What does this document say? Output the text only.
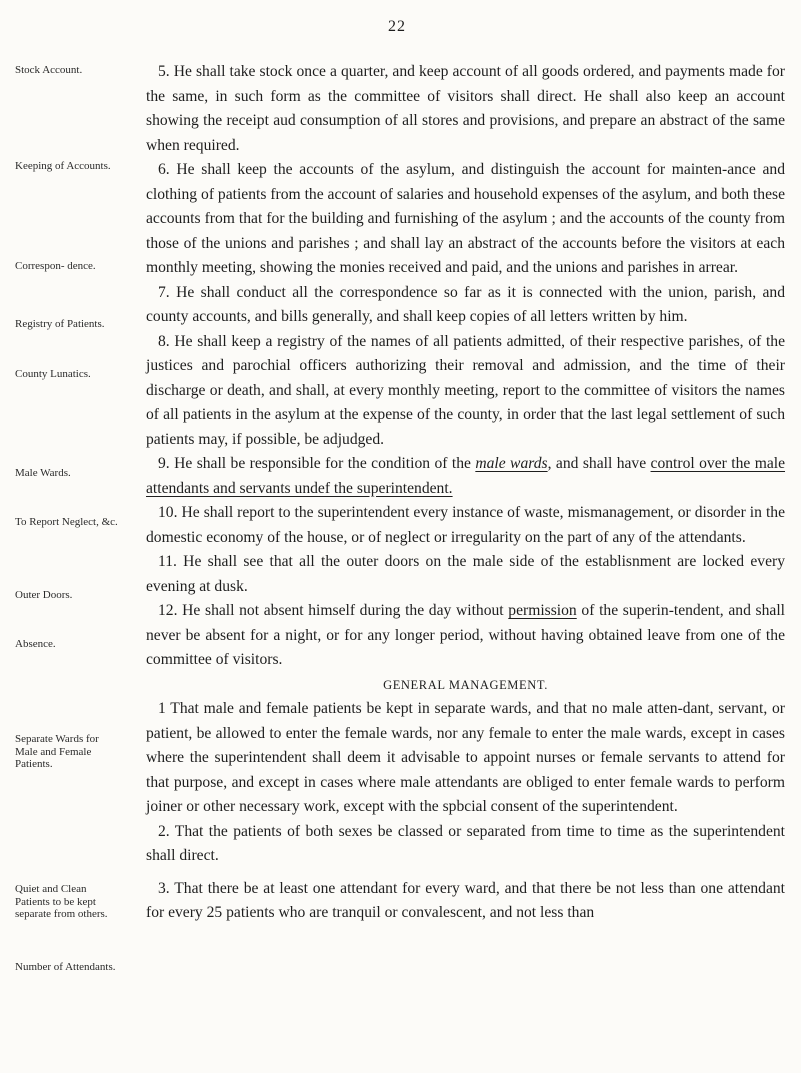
22
Stock Account.
Keeping of Accounts.
Correspon- dence.
Registry of Patients.
County Lunatics.
Male Wards.
To Report Neglect, &c.
Outer Doors.
Absence.
Separate Wards for Male and Female Patients.
Quiet and Clean Patients to be kept separate from others.
Number of Attendants.

5. He shall take stock once a quarter, and keep account of all goods ordered, and payments made for the same, in such form as the committee of visitors shall direct. He shall also keep an account showing the receipt aud consumption of all stores and provisions, and prepare an abstract of the same when required.

6. He shall keep the accounts of the asylum, and distinguish the account for mainten-ance and clothing of patients from the account of salaries and household expenses of the asylum, and both these accounts from that for the building and furnishing of the asylum ; and the accounts of the county from those of the unions and parishes ; and shall lay an abstract of the accounts before the visitors at each monthly meeting, showing the monies received and paid, and the unions and parishes in arrear.

7. He shall conduct all the correspondence so far as it is connected with the union, parish, and county accounts, and bills generally, and shall keep copies of all letters written by him.

8. He shall keep a registry of the names of all patients admitted, of their respective parishes, of the justices and parochial officers authorizing their removal and admission, and the time of their discharge or death, and shall, at every monthly meeting, report to the committee of visitors the names of all patients in the asylum at the expense of the county, in order that the last legal settlement of such patients may, if possible, be adjudged.

9. He shall be responsible for the condition of the male wards, and shall have control over the male attendants and servants undef the superintendent.

10. He shall report to the superintendent every instance of waste, mismanagement, or disorder in the domestic economy of the house, or of neglect or irregularity on the part of any of the attendants.

11. He shall see that all the outer doors on the male side of the establisnment are locked every evening at dusk.

12. He shall not absent himself during the day without permission of the superin-tendent, and shall never be absent for a night, or for any longer period, without having obtained leave from one of the committee of visitors.

GENERAL MANAGEMENT.

1 That male and female patients be kept in separate wards, and that no male atten-dant, servant, or patient, be allowed to enter the female wards, nor any female to enter the male wards, except in cases where the superintendent shall deem it advisable to appoint nurses or female servants to attend for that purpose, and except in cases where male attendants are obliged to enter female wards to perform joiner or other necessary work, except with the spbcial consent of the superintendent.

2. That the patients of both sexes be classed or separated from time to time as the superintendent shall direct.

3. That there be at least one attendant for every ward, and that there be not less than one attendant for every 25 patients who are tranquil or convalescent, and not less than
